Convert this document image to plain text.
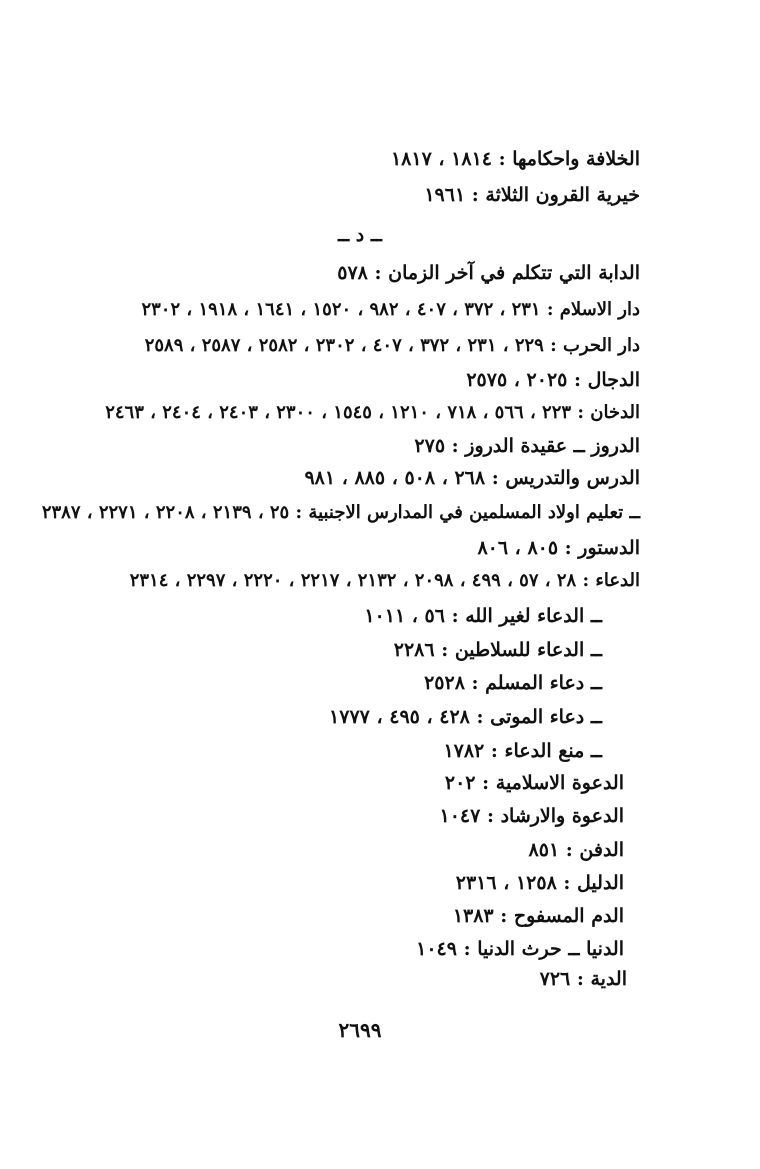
الخلافة واحكامها : ١٨١٤ ، ١٨١٧
خيرية القرون الثلاثة : ١٩٦١
ــ د ــ
الدابة التي تتكلم في آخر الزمان : ٥٧٨
دار الاسلام : ٢٣١ ، ٣٧٢ ، ٤٠٧ ، ٩٨٢ ، ١٥٢٠ ، ١٦٤١ ، ١٩١٨ ، ٢٣٠٢
دار الحرب : ٢٢٩ ، ٢٣١ ، ٣٧٢ ، ٤٠٧ ، ٢٣٠٢ ، ٢٥٨٢ ، ٢٥٨٧ ، ٢٥٨٩
الدجال : ٢٠٢٥ ، ٢٥٧٥
الدخان : ٢٢٣ ، ٥٦٦ ، ٧١٨ ، ١٢١٠ ، ١٥٤٥ ، ٢٣٠٠ ، ٢٤٠٣ ، ٢٤٠٤ ، ٢٤٦٣
الدروز ــ عقيدة الدروز : ٢٧٥
الدرس والتدريس : ٢٦٨ ، ٥٠٨ ، ٨٨٥ ، ٩٨١
ــ تعليم اولاد المسلمين في المدارس الاجنبية : ٢٥ ، ٢١٣٩ ، ٢٢٠٨ ، ٢٢٧١ ، ٢٣٨٧
الدستور : ٨٠٥ ، ٨٠٦
الدعاء : ٢٨ ، ٥٧ ، ٤٩٩ ، ٢٠٩٨ ، ٢١٣٢ ، ٢٢١٧ ، ٢٢٢٠ ، ٢٢٩٧ ، ٢٣١٤
ــ الدعاء لغير الله : ٥٦ ، ١٠١١
ــ الدعاء للسلاطين : ٢٢٨٦
ــ دعاء المسلم : ٢٥٢٨
ــ دعاء الموتى : ٤٢٨ ، ٤٩٥ ، ١٧٧٧
ــ منع الدعاء : ١٧٨٢
الدعوة الاسلامية : ٢٠٢
الدعوة والارشاد : ١٠٤٧
الدفن : ٨٥١
الدليل : ١٢٥٨ ، ٢٣١٦
الدم المسفوح : ١٣٨٣
الدنيا ــ حرث الدنيا : ١٠٤٩
الدية : ٧٢٦
٢٦٩٩
